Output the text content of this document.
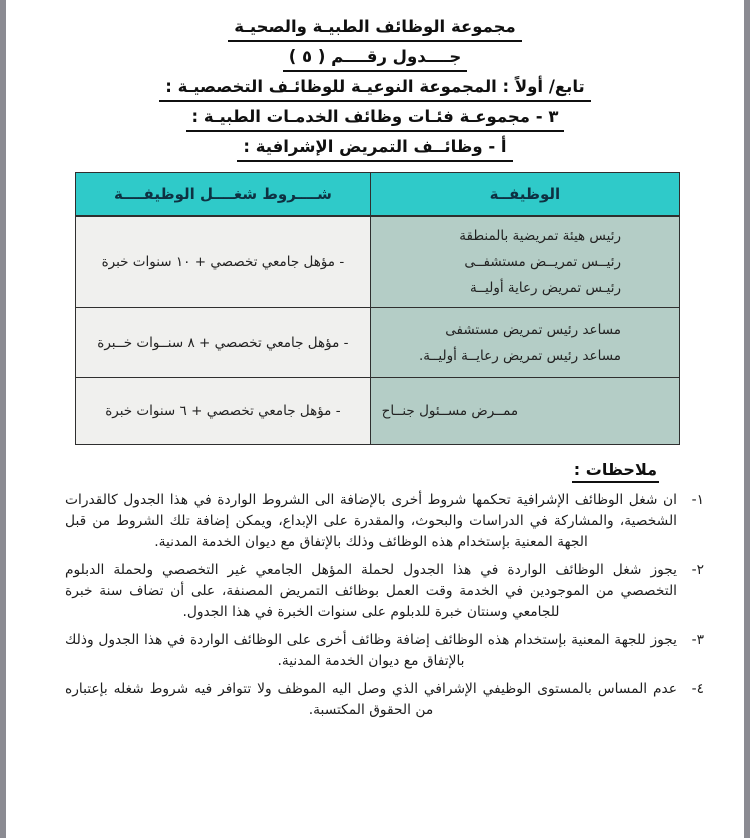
مجموعة الوظائف الطبيـة والصحيـة
جــــدول رقــــم ( ٥ )
تابع/ أولاً : المجموعة النوعيـة للوظائـف التخصصيـة :
٣ - مجموعـة فئـات وظائف الخدمـات الطبيـة :
أ - وظائــف التمريض الإشرافية :
الوظيفــة	شــــروط شغــــل الوظيفــــة

رئيس هيئة تمريضية بالمنطقة
رئيــس تمريــض مستشفــى
رئيـس تمريض رعاية أوليــة	- مؤهل جامعي تخصصي + ١٠ سنوات خبرة

مساعد رئيس تمريض مستشفى
مساعد رئيس تمريض رعايــة أوليــة.	- مؤهل جامعي تخصصي + ٨ سنــوات خــبرة

ممــرض مســئول جنــاح	- مؤهل جامعي تخصصي + ٦ سنوات خبرة
ملاحظات :
١-
ان شغل الوظائف الإشرافية تحكمها شروط أخرى بالإضافة الى الشروط الواردة في هذا الجدول كالقدرات الشخصية، والمشاركة في الدراسات والبحوث، والمقدرة على الإبداع، ويمكن إضافة تلك الشروط من قبل الجهة المعنية بإستخدام هذه الوظائف وذلك بالإتفاق مع ديوان الخدمة المدنية.
٢-
يجوز شغل الوظائف الواردة في هذا الجدول لحملة المؤهل الجامعي غير التخصصي ولحملة الدبلوم التخصصي من الموجودين في الخدمة وقت العمل بوظائف التمريض المصنفة، على أن تضاف سنة خبرة للجامعي وسنتان خبرة للدبلوم على سنوات الخبرة في هذا الجدول.
٣-
يجوز للجهة المعنية بإستخدام هذه الوظائف إضافة وظائف أخرى على الوظائف الواردة في هذا الجدول وذلك بالإتفاق مع ديوان الخدمة المدنية.
٤-
عدم المساس بالمستوى الوظيفي الإشرافي الذي وصل اليه الموظف ولا تتوافر فيه شروط شغله بإعتباره من الحقوق المكتسبة.
